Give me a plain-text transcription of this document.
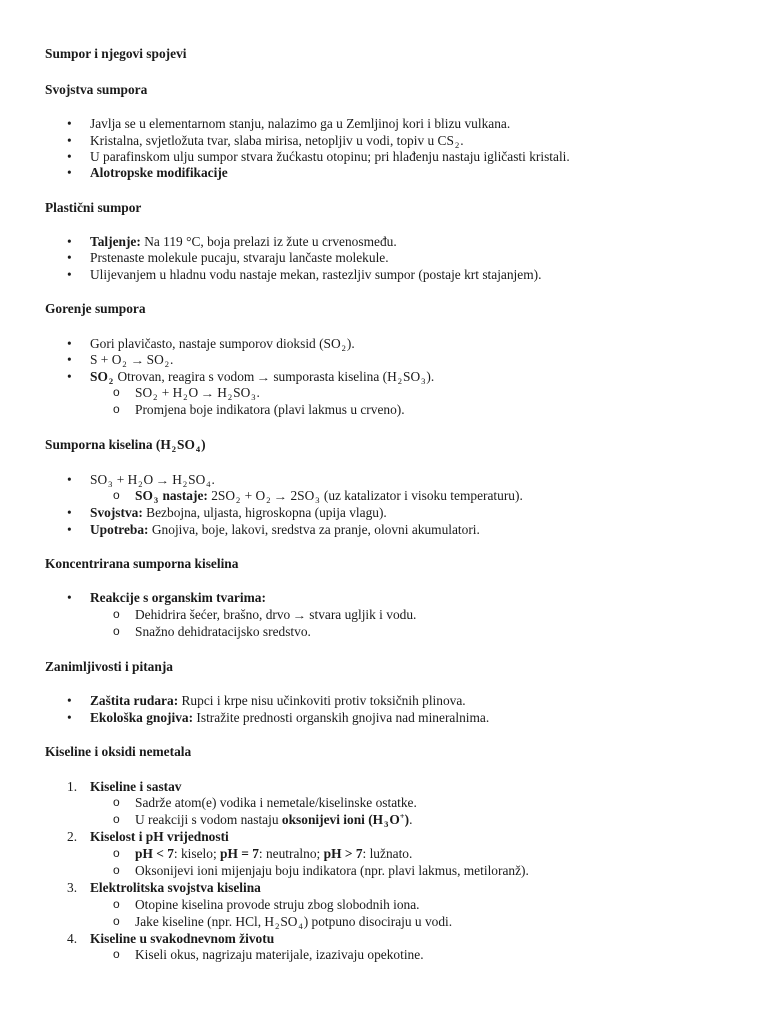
Sumpor i njegovi spojevi
Svojstva sumpora
• Javlja se u elementarnom stanju, nalazimo ga u Zemljinoj kori i blizu vulkana.
• Kristalna, svjetložuta tvar, slaba mirisa, netopljiv u vodi, topiv u $CS_2$.
• U parafinskom ulju sumpor stvara žućkastu otopinu; pri hlađenju nastaju igličasti kristali.
• Alotropske modifikacije
Plastični sumpor
• Taljenje: Na 119 °C, boja prelazi iz žute u crvenosmeđu.
• Prstenaste molekule pucaju, stvaraju lančaste molekule.
• Ulijevanjem u hladnu vodu nastaje mekan, rastezljiv sumpor (postaje krt stajanjem).
Gorenje sumpora
• Gori plavičasto, nastaje sumporov dioksid $(SO_2)$.
• $S + O_2 \to SO_2$.
• $SO_2$ Otrovan, reagira s vodom → sumporasta kiselina $(H_2SO_3)$.
o $SO_2 + H_2O \to H_2SO_3$.
o Promjena boje indikatora (plavi lakmus u crveno).
Sumporna kiselina $(H_2SO_4)$
• $SO_3 + H_2O \to H_2SO_4$.
o $SO_3$ nastaje: $2SO_2 + O_2 \to 2SO_3$ (uz katalizator i visoku temperaturu).
• Svojstva: Bezbojna, uljasta, higroskopna (upija vlagu).
• Upotreba: Gnojiva, boje, lakovi, sredstva za pranje, olovni akumulatori.
Koncentrirana sumporna kiselina
• Reakcije s organskim tvarima:
o Dehidrira šećer, brašno, drvo → stvara ugljik i vodu.
o Snažno dehidratacijsko sredstvo.
Zanimljivosti i pitanja
• Zaštita rudara: Rupci i krpe nisu učinkoviti protiv toksičnih plinova.
• Ekološka gnojiva: Istražite prednosti organskih gnojiva nad mineralnima.
Kiseline i oksidi nemetala
1. Kiseline i sastav
o Sadrže atom(e) vodika i nemetale/kiselinske ostatke.
o U reakciji s vodom nastaju oksonijevi ioni $(H_3O^+)$.
2. Kiselost i pH vrijednosti
o pH < 7: kiselo; pH = 7: neutralno; pH > 7: lužnato.
o Oksonijevi ioni mijenjaju boju indikatora (npr. plavi lakmus, metiloranž).
3. Elektrolitska svojstva kiselina
o Otopine kiselina provode struju zbog slobodnih iona.
o Jake kiseline (npr. HCl, $H_2SO_4$) potpuno disociraju u vodi.
4. Kiseline u svakodnevnom životu
o Kiseli okus, nagrizaju materijale, izazivaju opekotine.
